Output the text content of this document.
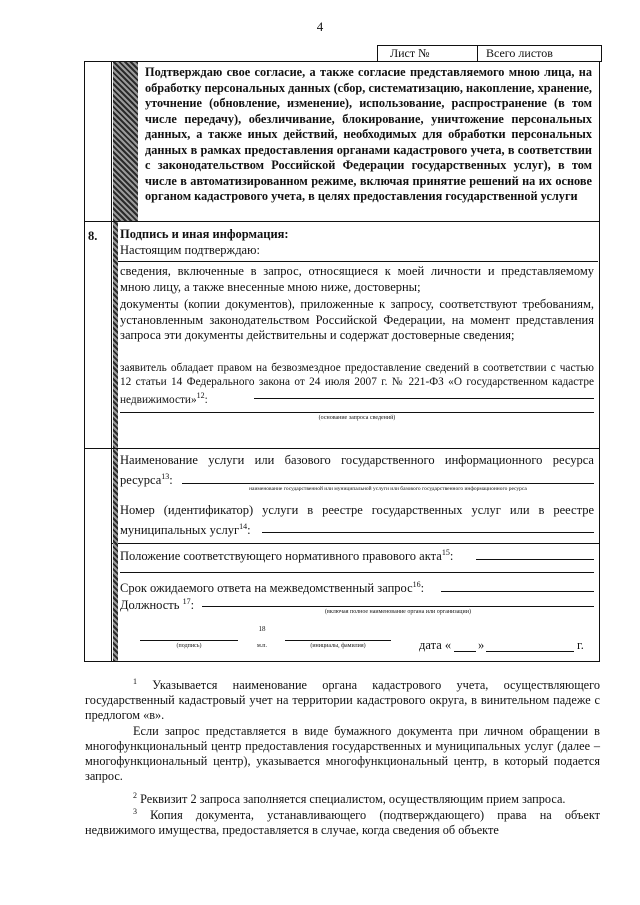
4
Лист №	Всего листов

Подтверждаю свое согласие, а также согласие представляемого мною лица, на обработку персональных данных (сбор, систематизацию, накопление, хранение, уточнение (обновление, изменение), использование, распространение (в том числе передачу), обезличивание, блокирование, уничтожение персональных данных, а также иных действий, необходимых для обработки персональных данных в рамках предоставления органами кадастрового учета, в соответствии с законодательством Российской Федерации государственных услуг), в том числе в автоматизированном режиме, включая принятие решений на их основе органом кадастрового учета, в целях предоставления государственной услуги

8. Подпись и иная информация:
Настоящим подтверждаю:
сведения, включенные в запрос, относящиеся к моей личности и представляемому мною лицу, а также внесенные мною ниже, достоверны;
документы (копии документов), приложенные к запросу, соответствуют требованиям, установленным законодательством Российской Федерации, на момент представления запроса эти документы действительны и содержат достоверные сведения;
заявитель обладает правом на безвозмездное предоставление сведений в соответствии с частью 12 статьи 14 Федерального закона от 24 июля 2007 г. № 221-ФЗ «О государственном кадастре недвижимости»$^{12}$:
(основание запроса сведений)
Наименование услуги или базового государственного информационного ресурса
ресурса$^{13}$:
наименование государственной или муниципальной услуги или базового государственного информационного ресурса
Номер (идентификатор) услуги в реестре государственных услуг или в реестре муниципальных услуг$^{14}$:
Положение соответствующего нормативного правового акта$^{15}$:
Срок ожидаемого ответа на межведомственный запрос$^{16}$:
Должность $^{17}$:	(включая полное наименование органа или организации)
18
(подпись)	м.п.	(инициалы, фамилия)	дата « »	г.
$^1$ Указывается наименование органа кадастрового учета, осуществляющего государственный кадастровый учет на территории кадастрового округа, в винительном падеже с предлогом «в».
Если запрос представляется в виде бумажного документа при личном обращении в многофункциональный центр предоставления государственных и муниципальных услуг (далее – многофункциональный центр), указывается многофункциональный центр, в который подается запрос.
$^2$ Реквизит 2 запроса заполняется специалистом, осуществляющим прием запроса.
$^3$ Копия документа, устанавливающего (подтверждающего) права на объект недвижимого имущества, предоставляется в случае, когда сведения об объекте
